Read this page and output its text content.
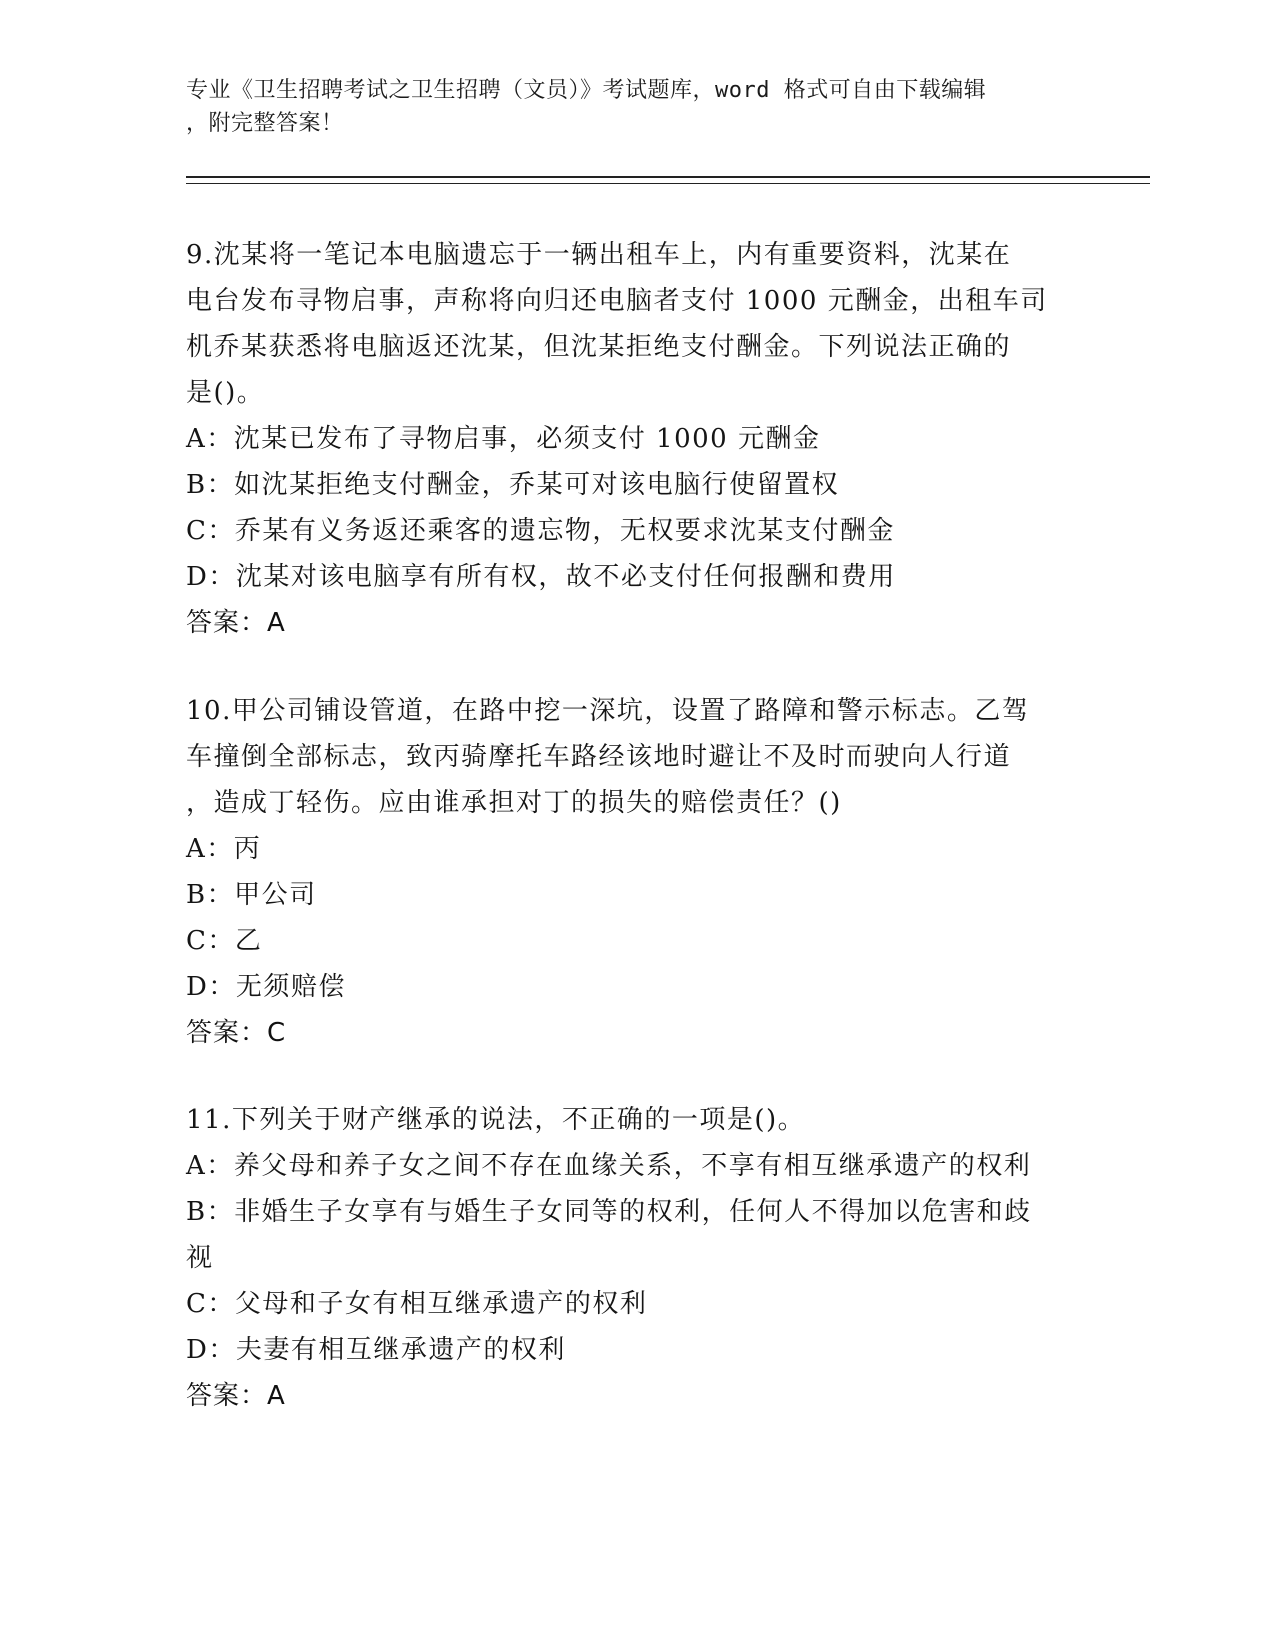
专业《卫生招聘考试之卫生招聘（文员）》考试题库，word 格式可自由下载编辑
，附完整答案！
9.沈某将一笔记本电脑遗忘于一辆出租车上，内有重要资料，沈某在
电台发布寻物启事，声称将向归还电脑者支付 1000 元酬金，出租车司
机乔某获悉将电脑返还沈某，但沈某拒绝支付酬金。下列说法正确的
是()。
A：沈某已发布了寻物启事，必须支付 1000 元酬金
B：如沈某拒绝支付酬金，乔某可对该电脑行使留置权
C：乔某有义务返还乘客的遗忘物，无权要求沈某支付酬金
D：沈某对该电脑享有所有权，故不必支付任何报酬和费用
答案：A
10.甲公司铺设管道，在路中挖一深坑，设置了路障和警示标志。乙驾
车撞倒全部标志，致丙骑摩托车路经该地时避让不及时而驶向人行道
，造成丁轻伤。应由谁承担对丁的损失的赔偿责任？()
A：丙
B：甲公司
C：乙
D：无须赔偿
答案：C
11.下列关于财产继承的说法，不正确的一项是()。
A：养父母和养子女之间不存在血缘关系，不享有相互继承遗产的权利
B：非婚生子女享有与婚生子女同等的权利，任何人不得加以危害和歧
视
C：父母和子女有相互继承遗产的权利
D：夫妻有相互继承遗产的权利
答案：A
